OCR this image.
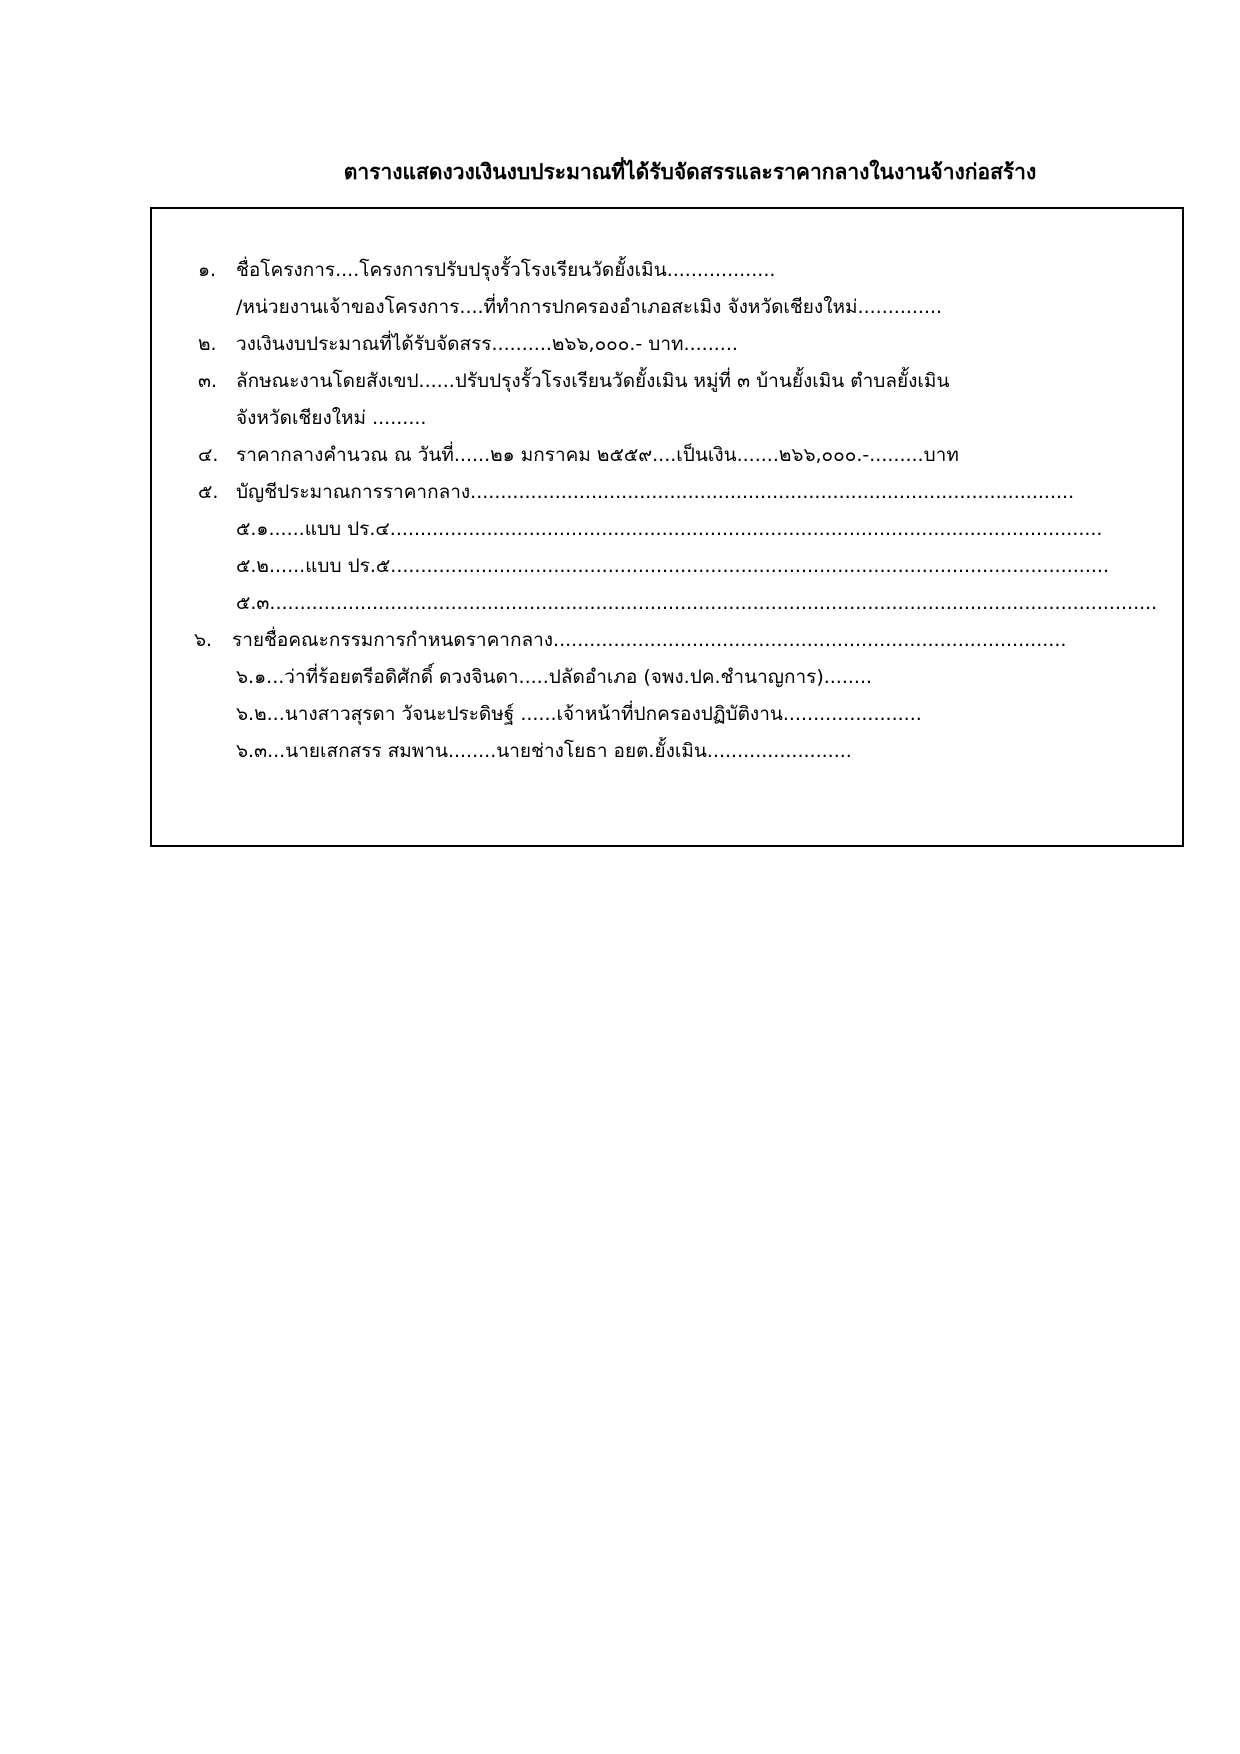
ตารางแสดงวงเงินงบประมาณที่ได้รับจัดสรรและราคากลางในงานจ้างก่อสร้าง
๑. ชื่อโครงการ....โครงการปรับปรุงรั้วโรงเรียนวัดยั้งเมิน..................
/หน่วยงานเจ้าของโครงการ....ที่ทำการปกครองอำเภอสะเมิง จังหวัดเชียงใหม่..............
๒. วงเงินงบประมาณที่ได้รับจัดสรร..........๒๖๖,๐๐๐.- บาท.........
๓. ลักษณะงานโดยสังเขป......ปรับปรุงรั้วโรงเรียนวัดยั้งเมิน หมู่ที่ ๓ บ้านยั้งเมิน ตำบลยั้งเมิน
จังหวัดเชียงใหม่ .........
๔. ราคากลางคำนวณ ณ วันที่......๒๑ มกราคม ๒๕๕๙....เป็นเงิน.......๒๖๖,๐๐๐.-.........บาท
๕. บัญชีประมาณการราคากลาง....................................................................................................
๕.๑......แบบ ปร.๔......................................................................................................................
๕.๒......แบบ ปร.๕.......................................................................................................................
๕.๓...................................................................................................................................................
๖. รายชื่อคณะกรรมการกำหนดราคากลาง.....................................................................................
๖.๑...ว่าที่ร้อยตรีอดิศักดิ์ ดวงจินดา.....ปลัดอำเภอ (จพง.ปค.ชำนาญการ)........
๖.๒...นางสาวสุรดา วัจนะประดิษฐ์ ......เจ้าหน้าที่ปกครองปฏิบัติงาน.......................
๖.๓...นายเสกสรร สมพาน........นายช่างโยธา อยต.ยั้งเมิน........................
